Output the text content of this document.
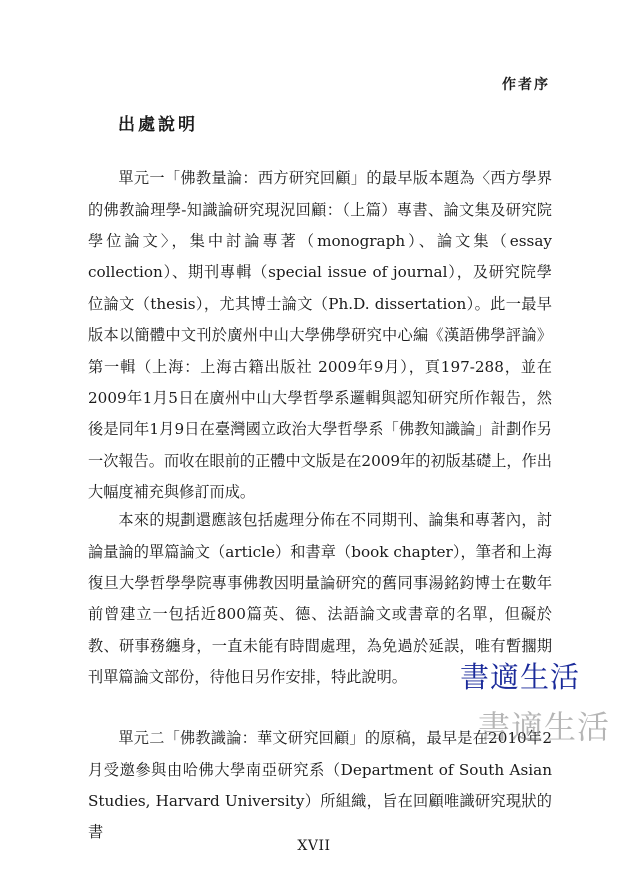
作者序
出處說明

單元一「佛教量論：西方研究回顧」的最早版本題為〈西方學界的佛教論理學-知識論研究現況回顧：（上篇）專書、論文集及研究院學位論文〉，集中討論專著（monograph）、論文集（essay collection）、期刊專輯（special issue of journal），及研究院學位論文（thesis），尤其博士論文（Ph.D. dissertation）。此一最早版本以簡體中文刊於廣州中山大學佛學研究中心編《漢語佛學評論》第一輯（上海：上海古籍出版社 2009年9月），頁197-288，並在2009年1月5日在廣州中山大學哲學系邏輯與認知研究所作報告，然後是同年1月9日在臺灣國立政治大學哲學系「佛教知識論」計劃作另一次報告。而收在眼前的正體中文版是在2009年的初版基礎上，作出大幅度補充與修訂而成。

本來的規劃還應該包括處理分佈在不同期刊、論集和專著內，討論量論的單篇論文（article）和書章（book chapter），筆者和上海復旦大學哲學學院專事佛教因明量論研究的舊同事湯銘鈞博士在數年前曾建立一包括近800篇英、德、法語論文或書章的名單，但礙於教、研事務纏身，一直未能有時間處理，為免過於延誤，唯有暫擱期刊單篇論文部份，待他日另作安排，特此說明。

單元二「佛教識論：華文研究回顧」的原稿，最早是在2010年2月受邀參與由哈佛大學南亞研究系（Department of South Asian Studies, Harvard University）所組織，旨在回顧唯識研究現狀的書

書適生活
書適生活
XVII
